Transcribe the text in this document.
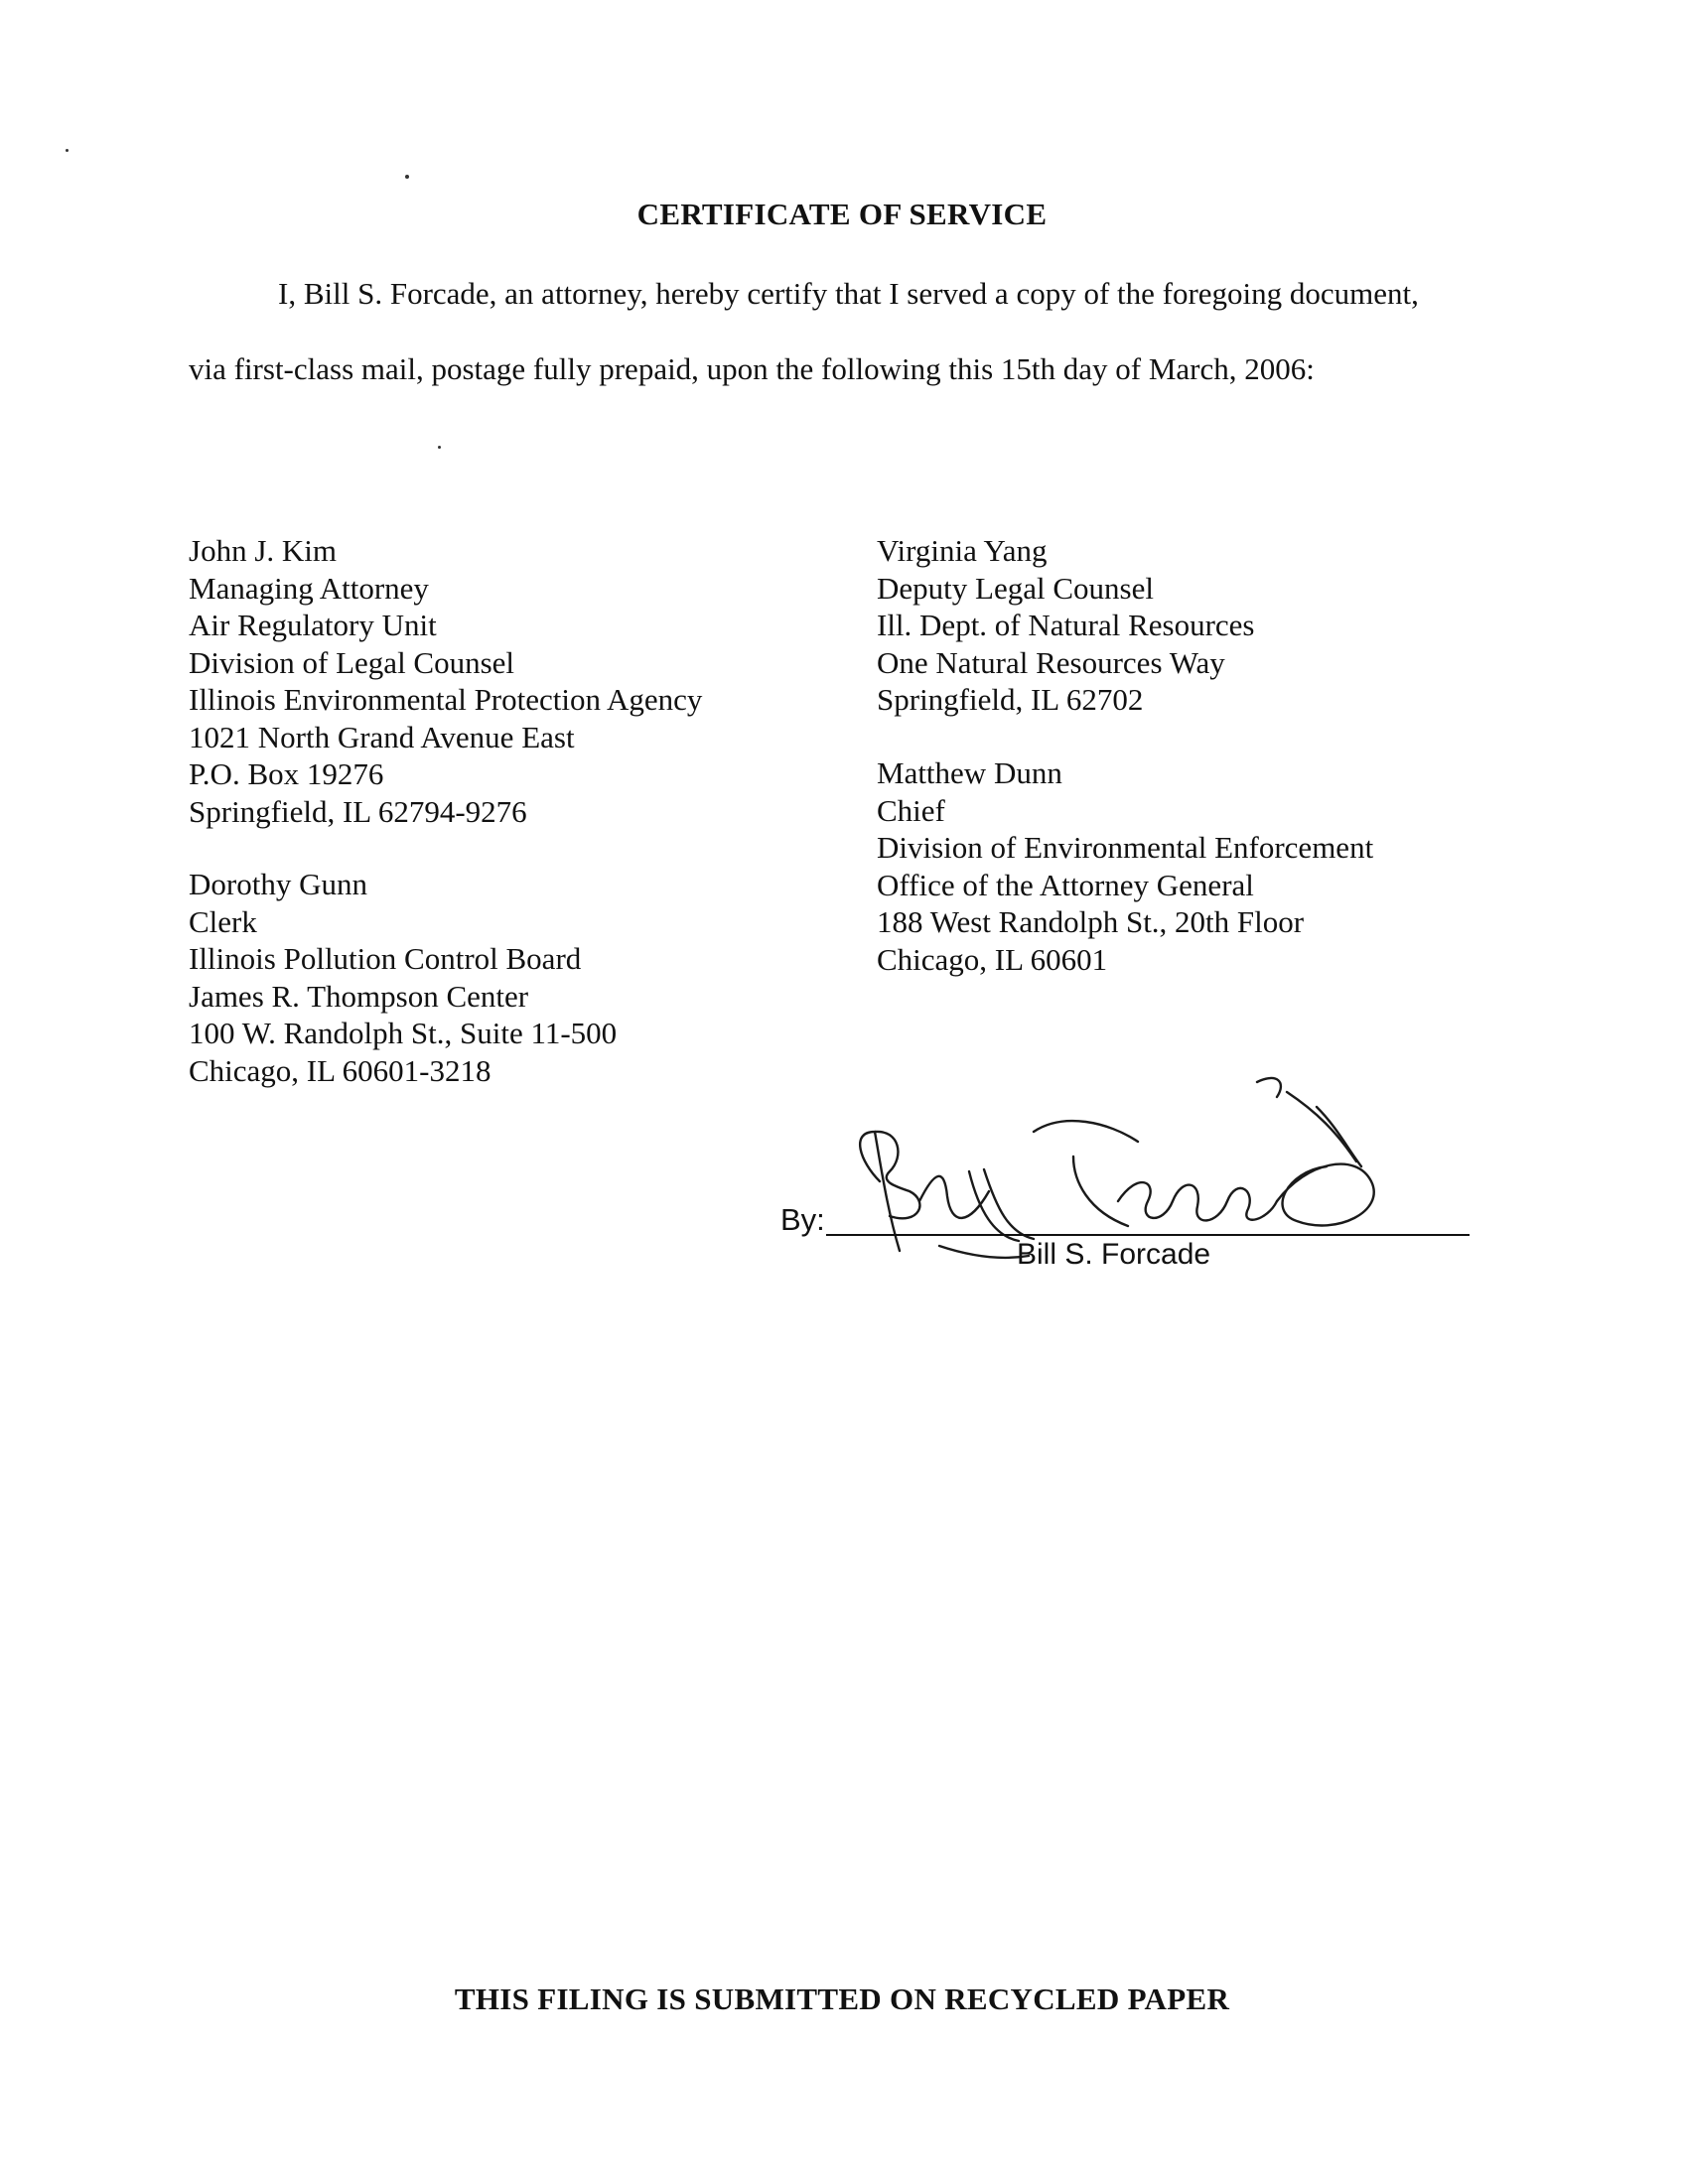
CERTIFICATE OF SERVICE

I, Bill S. Forcade, an attorney, hereby certify that I served a copy of the foregoing document, via first-class mail, postage fully prepaid, upon the following this 15th day of March, 2006:

John J. Kim
Managing Attorney
Air Regulatory Unit
Division of Legal Counsel
Illinois Environmental Protection Agency
1021 North Grand Avenue East
P.O. Box 19276
Springfield, IL 62794-9276
Dorothy Gunn
Clerk
Illinois Pollution Control Board
James R. Thompson Center
100 W. Randolph St., Suite 11-500
Chicago, IL 60601-3218
Virginia Yang
Deputy Legal Counsel
Ill. Dept. of Natural Resources
One Natural Resources Way
Springfield, IL 62702
Matthew Dunn
Chief
Division of Environmental Enforcement
Office of the Attorney General
188 West Randolph St., 20th Floor
Chicago, IL 60601
By:
Bill S. Forcade
THIS FILING IS SUBMITTED ON RECYCLED PAPER
